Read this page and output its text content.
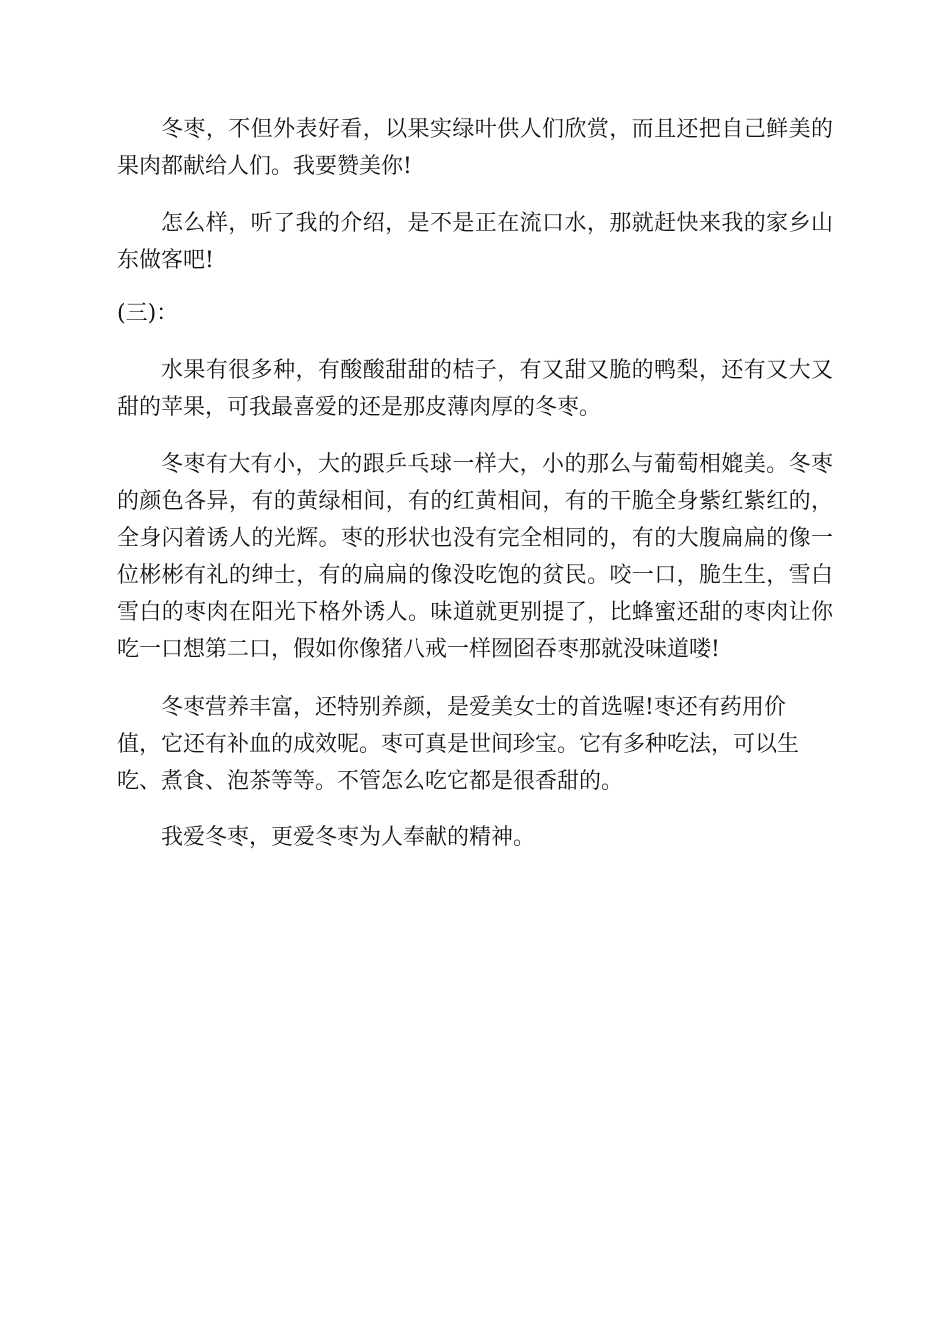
冬枣，不但外表好看，以果实绿叶供人们欣赏，而且还把自己鲜美的
果肉都献给人们。我要赞美你!
怎么样，听了我的介绍，是不是正在流口水，那就赶快来我的家乡山
东做客吧!
(三)：
水果有很多种，有酸酸甜甜的桔子，有又甜又脆的鸭梨，还有又大又
甜的苹果，可我最喜爱的还是那皮薄肉厚的冬枣。
冬枣有大有小，大的跟乒乓球一样大，小的那么与葡萄相媲美。冬枣
的颜色各异，有的黄绿相间，有的红黄相间，有的干脆全身紫红紫红的，
全身闪着诱人的光辉。枣的形状也没有完全相同的，有的大腹扁扁的像一
位彬彬有礼的绅士，有的扁扁的像没吃饱的贫民。咬一口，脆生生，雪白
雪白的枣肉在阳光下格外诱人。味道就更别提了，比蜂蜜还甜的枣肉让你
吃一口想第二口，假如你像猪八戒一样囫囵吞枣那就没味道喽!
冬枣营养丰富，还特别养颜，是爱美女士的首选喔!枣还有药用价
值，它还有补血的成效呢。枣可真是世间珍宝。它有多种吃法，可以生
吃、煮食、泡茶等等。不管怎么吃它都是很香甜的。
我爱冬枣，更爱冬枣为人奉献的精神。
